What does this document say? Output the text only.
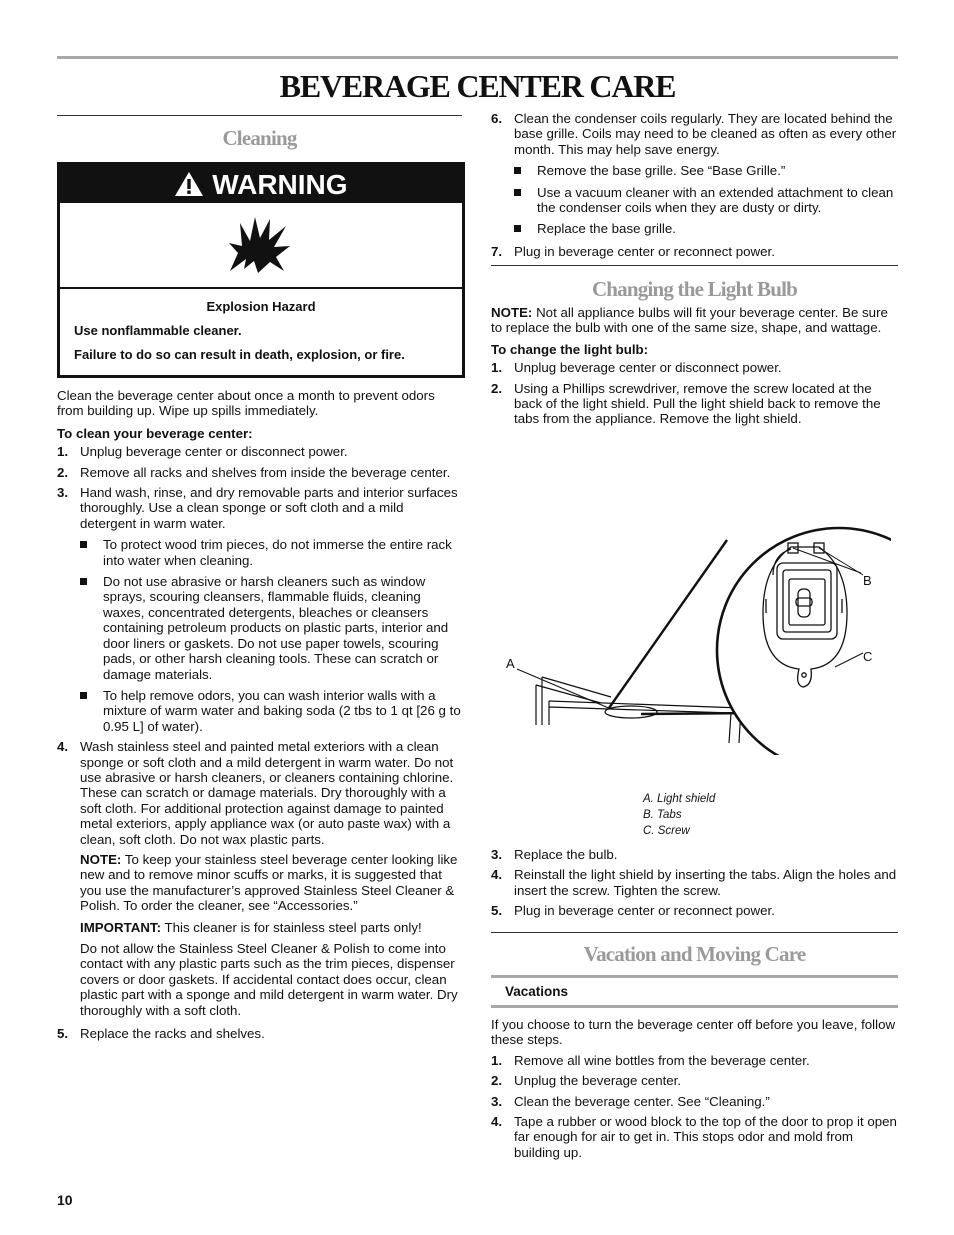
BEVERAGE CENTER CARE
Cleaning
WARNING

Explosion Hazard

Use nonflammable cleaner.

Failure to do so can result in death, explosion, or fire.

Clean the beverage center about once a month to prevent odors from building up. Wipe up spills immediately.

To clean your beverage center:

1. Unplug beverage center or disconnect power.
2. Remove all racks and shelves from inside the beverage center.
3. Hand wash, rinse, and dry removable parts and interior surfaces thoroughly. Use a clean sponge or soft cloth and a mild detergent in warm water.
To protect wood trim pieces, do not immerse the entire rack into water when cleaning.
Do not use abrasive or harsh cleaners such as window sprays, scouring cleansers, flammable fluids, cleaning waxes, concentrated detergents, bleaches or cleansers containing petroleum products on plastic parts, interior and door liners or gaskets. Do not use paper towels, scouring pads, or other harsh cleaning tools. These can scratch or damage materials.
To help remove odors, you can wash interior walls with a mixture of warm water and baking soda (2 tbs to 1 qt [26 g to 0.95 L] of water).
4. Wash stainless steel and painted metal exteriors with a clean sponge or soft cloth and a mild detergent in warm water. Do not use abrasive or harsh cleaners, or cleaners containing chlorine. These can scratch or damage materials. Dry thoroughly with a soft cloth. For additional protection against damage to painted metal exteriors, apply appliance wax (or auto paste wax) with a clean, soft cloth. Do not wax plastic parts.

NOTE: To keep your stainless steel beverage center looking like new and to remove minor scuffs or marks, it is suggested that you use the manufacturer’s approved Stainless Steel Cleaner & Polish. To order the cleaner, see “Accessories.”

IMPORTANT: This cleaner is for stainless steel parts only!

Do not allow the Stainless Steel Cleaner & Polish to come into contact with any plastic parts such as the trim pieces, dispenser covers or door gaskets. If accidental contact does occur, clean plastic part with a sponge and mild detergent in warm water. Dry thoroughly with a soft cloth.

5. Replace the racks and shelves.
6. Clean the condenser coils regularly. They are located behind the base grille. Coils may need to be cleaned as often as every other month. This may help save energy.
Remove the base grille. See “Base Grille.”
Use a vacuum cleaner with an extended attachment to clean the condenser coils when they are dusty or dirty.
Replace the base grille.
7. Plug in beverage center or reconnect power.
Changing the Light Bulb

NOTE: Not all appliance bulbs will fit your beverage center. Be sure to replace the bulb with one of the same size, shape, and wattage.

To change the light bulb:

1. Unplug beverage center or disconnect power.
2. Using a Phillips screwdriver, remove the screw located at the back of the light shield. Pull the light shield back to remove the tabs from the appliance. Remove the light shield.
A
B
C
A. Light shield
B. Tabs
C. Screw
3. Replace the bulb.
4. Reinstall the light shield by inserting the tabs. Align the holes and insert the screw. Tighten the screw.
5. Plug in beverage center or reconnect power.
Vacation and Moving Care
Vacations

If you choose to turn the beverage center off before you leave, follow these steps.

1. Remove all wine bottles from the beverage center.
2. Unplug the beverage center.
3. Clean the beverage center. See “Cleaning.”
4. Tape a rubber or wood block to the top of the door to prop it open far enough for air to get in. This stops odor and mold from building up.
10
